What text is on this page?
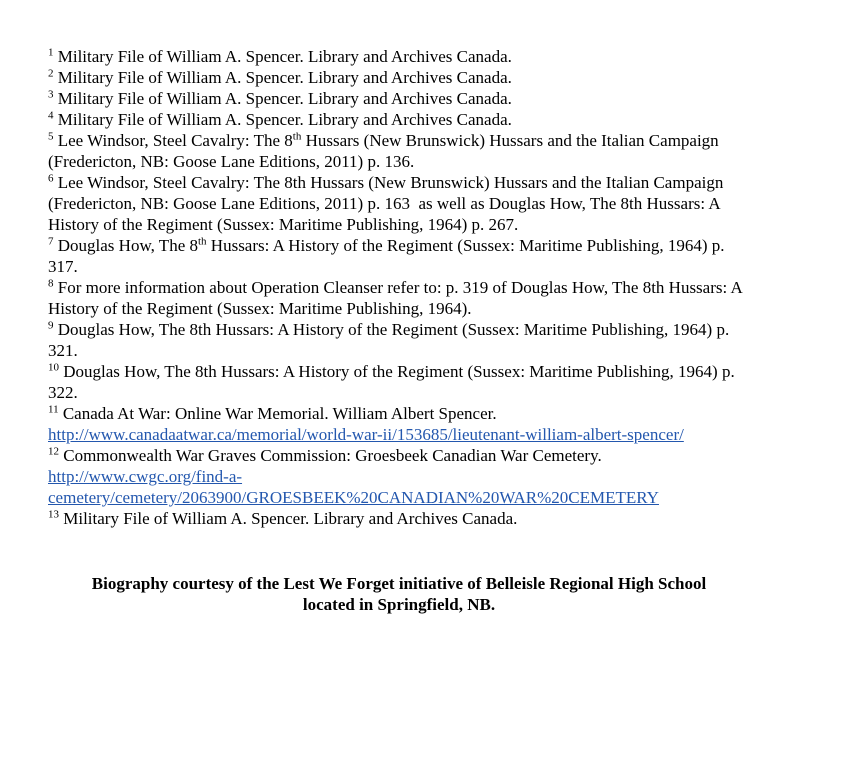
$^1$ Military File of William A. Spencer. Library and Archives Canada.
$^2$ Military File of William A. Spencer. Library and Archives Canada.
$^3$ Military File of William A. Spencer. Library and Archives Canada.
$^4$ Military File of William A. Spencer. Library and Archives Canada.
$^5$ Lee Windsor, Steel Cavalry: The 8th Hussars (New Brunswick) Hussars and the Italian Campaign (Fredericton, NB: Goose Lane Editions, 2011) p. 136.
$^6$ Lee Windsor, Steel Cavalry: The 8th Hussars (New Brunswick) Hussars and the Italian Campaign (Fredericton, NB: Goose Lane Editions, 2011) p. 163  as well as Douglas How, The 8th Hussars: A History of the Regiment (Sussex: Maritime Publishing, 1964) p. 267.
$^7$ Douglas How, The 8th Hussars: A History of the Regiment (Sussex: Maritime Publishing, 1964) p. 317.
$^8$ For more information about Operation Cleanser refer to: p. 319 of Douglas How, The 8th Hussars: A History of the Regiment (Sussex: Maritime Publishing, 1964).
$^9$ Douglas How, The 8th Hussars: A History of the Regiment (Sussex: Maritime Publishing, 1964) p. 321.
$^{10}$ Douglas How, The 8th Hussars: A History of the Regiment (Sussex: Maritime Publishing, 1964) p. 322.
$^{11}$ Canada At War: Online War Memorial. William Albert Spencer.
http://www.canadaatwar.ca/memorial/world-war-ii/153685/lieutenant-william-albert-spencer/
$^{12}$ Commonwealth War Graves Commission: Groesbeek Canadian War Cemetery.
http://www.cwgc.org/find-a-
cemetery/cemetery/2063900/GROESBEEK%20CANADIAN%20WAR%20CEMETERY
$^{13}$ Military File of William A. Spencer. Library and Archives Canada.
Biography courtesy of the Lest We Forget initiative of Belleisle Regional High School
located in Springfield, NB.
